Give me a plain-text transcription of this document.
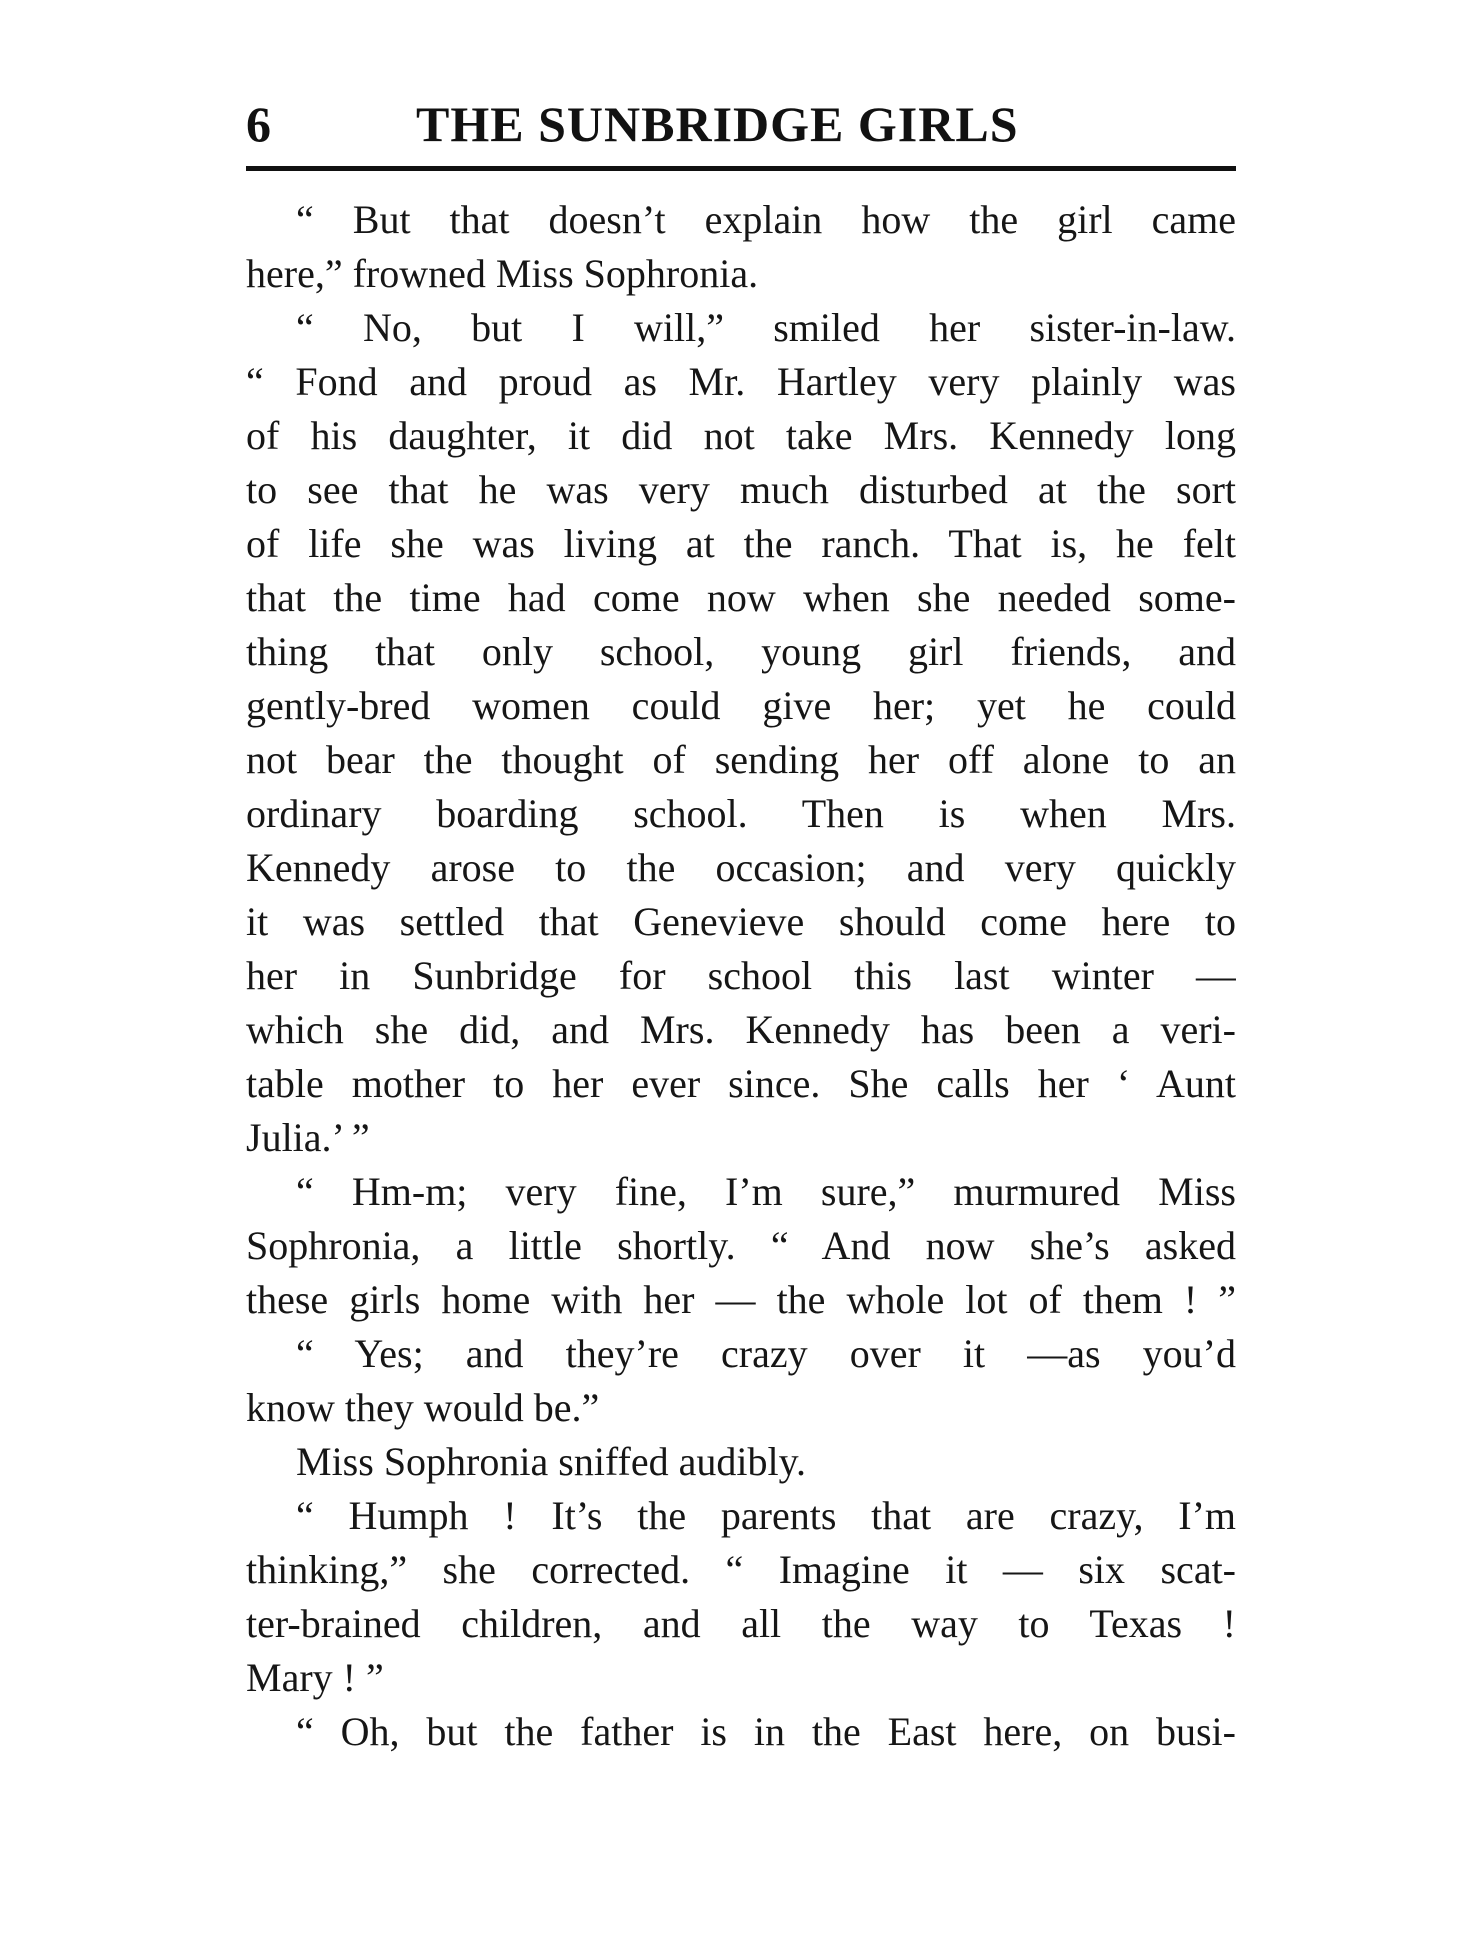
6	THE SUNBRIDGE GIRLS
“ But that doesn’t explain how the girl came
here,” frowned Miss Sophronia.
“ No, but I will,” smiled her sister-in-law.
“ Fond and proud as Mr. Hartley very plainly was
of his daughter, it did not take Mrs. Kennedy long
to see that he was very much disturbed at the sort
of life she was living at the ranch. That is, he felt
that the time had come now when she needed some-
thing that only school, young girl friends, and
gently-bred women could give her; yet he could
not bear the thought of sending her off alone to an
ordinary boarding school. Then is when Mrs.
Kennedy arose to the occasion; and very quickly
it was settled that Genevieve should come here to
her in Sunbridge for school this last winter —
which she did, and Mrs. Kennedy has been a veri-
table mother to her ever since. She calls her ‘ Aunt
Julia.’ ”
“ Hm-m; very fine, I’m sure,” murmured Miss
Sophronia, a little shortly. “ And now she’s asked
these girls home with her — the whole lot of them ! ”
“ Yes; and they’re crazy over it —as you’d
know they would be.”
Miss Sophronia sniffed audibly.
“ Humph ! It’s the parents that are crazy, I’m
thinking,” she corrected. “ Imagine it — six scat-
ter-brained children, and all the way to Texas !
Mary ! ”
“ Oh, but the father is in the East here, on busi-
